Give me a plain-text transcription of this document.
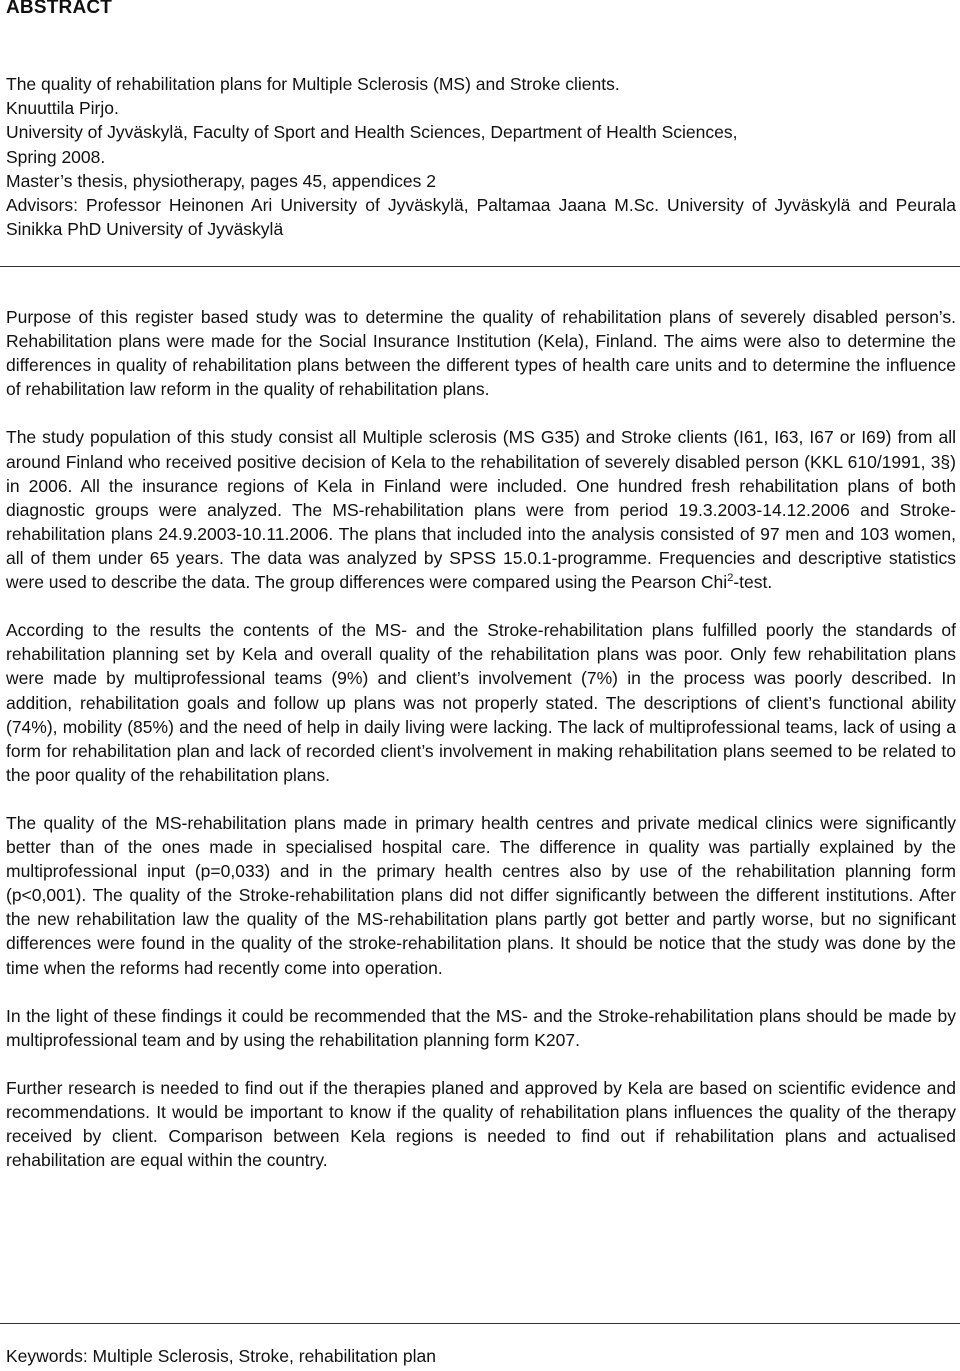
ABSTRACT
The quality of rehabilitation plans for Multiple Sclerosis (MS) and Stroke clients.
Knuuttila Pirjo.
University of Jyväskylä, Faculty of Sport and Health Sciences, Department of Health Sciences,
Spring 2008.
Master’s thesis, physiotherapy, pages 45, appendices 2
Advisors: Professor Heinonen Ari University of Jyväskylä, Paltamaa Jaana M.Sc. University of Jyväskylä and Peurala Sinikka PhD University of Jyväskylä

Purpose of this register based study was to determine the quality of rehabilitation plans of severely disabled person’s. Rehabilitation plans were made for the Social Insurance Institution (Kela), Finland. The aims were also to determine the differences in quality of rehabilitation plans between the different types of health care units and to determine the influence of rehabilitation law reform in the quality of rehabilitation plans.

The study population of this study consist all Multiple sclerosis (MS G35) and Stroke clients (I61, I63, I67 or I69) from all around Finland who received positive decision of Kela to the rehabilitation of severely disabled person (KKL 610/1991, 3§) in 2006. All the insurance regions of Kela in Finland were included. One hundred fresh rehabilitation plans of both diagnostic groups were analyzed. The MS-rehabilitation plans were from period 19.3.2003-14.12.2006 and Stroke-rehabilitation plans 24.9.2003-10.11.2006. The plans that included into the analysis consisted of 97 men and 103 women, all of them under 65 years. The data was analyzed by SPSS 15.0.1-programme. Frequencies and descriptive statistics were used to describe the data. The group differences were compared using the Pearson Chi$^2$-test.

According to the results the contents of the MS- and the Stroke-rehabilitation plans fulfilled poorly the standards of rehabilitation planning set by Kela and overall quality of the rehabilitation plans was poor. Only few rehabilitation plans were made by multiprofessional teams (9%) and client’s involvement (7%) in the process was poorly described. In addition, rehabilitation goals and follow up plans was not properly stated. The descriptions of client’s functional ability (74%), mobility (85%) and the need of help in daily living were lacking. The lack of multiprofessional teams, lack of using a form for rehabilitation plan and lack of recorded client’s involvement in making rehabilitation plans seemed to be related to the poor quality of the rehabilitation plans.

The quality of the MS-rehabilitation plans made in primary health centres and private medical clinics were significantly better than of the ones made in specialised hospital care. The difference in quality was partially explained by the multiprofessional input (p=0,033) and in the primary health centres also by use of the rehabilitation planning form (p<0,001). The quality of the Stroke-rehabilitation plans did not differ significantly between the different institutions. After the new rehabilitation law the quality of the MS-rehabilitation plans partly got better and partly worse, but no significant differences were found in the quality of the stroke-rehabilitation plans. It should be notice that the study was done by the time when the reforms had recently come into operation.

In the light of these findings it could be recommended that the MS- and the Stroke-rehabilitation plans should be made by multiprofessional team and by using the rehabilitation planning form K207.

Further research is needed to find out if the therapies planed and approved by Kela are based on scientific evidence and recommendations. It would be important to know if the quality of rehabilitation plans influences the quality of the therapy received by client. Comparison between Kela regions is needed to find out if rehabilitation plans and actualised rehabilitation are equal within the country.

Keywords: Multiple Sclerosis, Stroke, rehabilitation plan
